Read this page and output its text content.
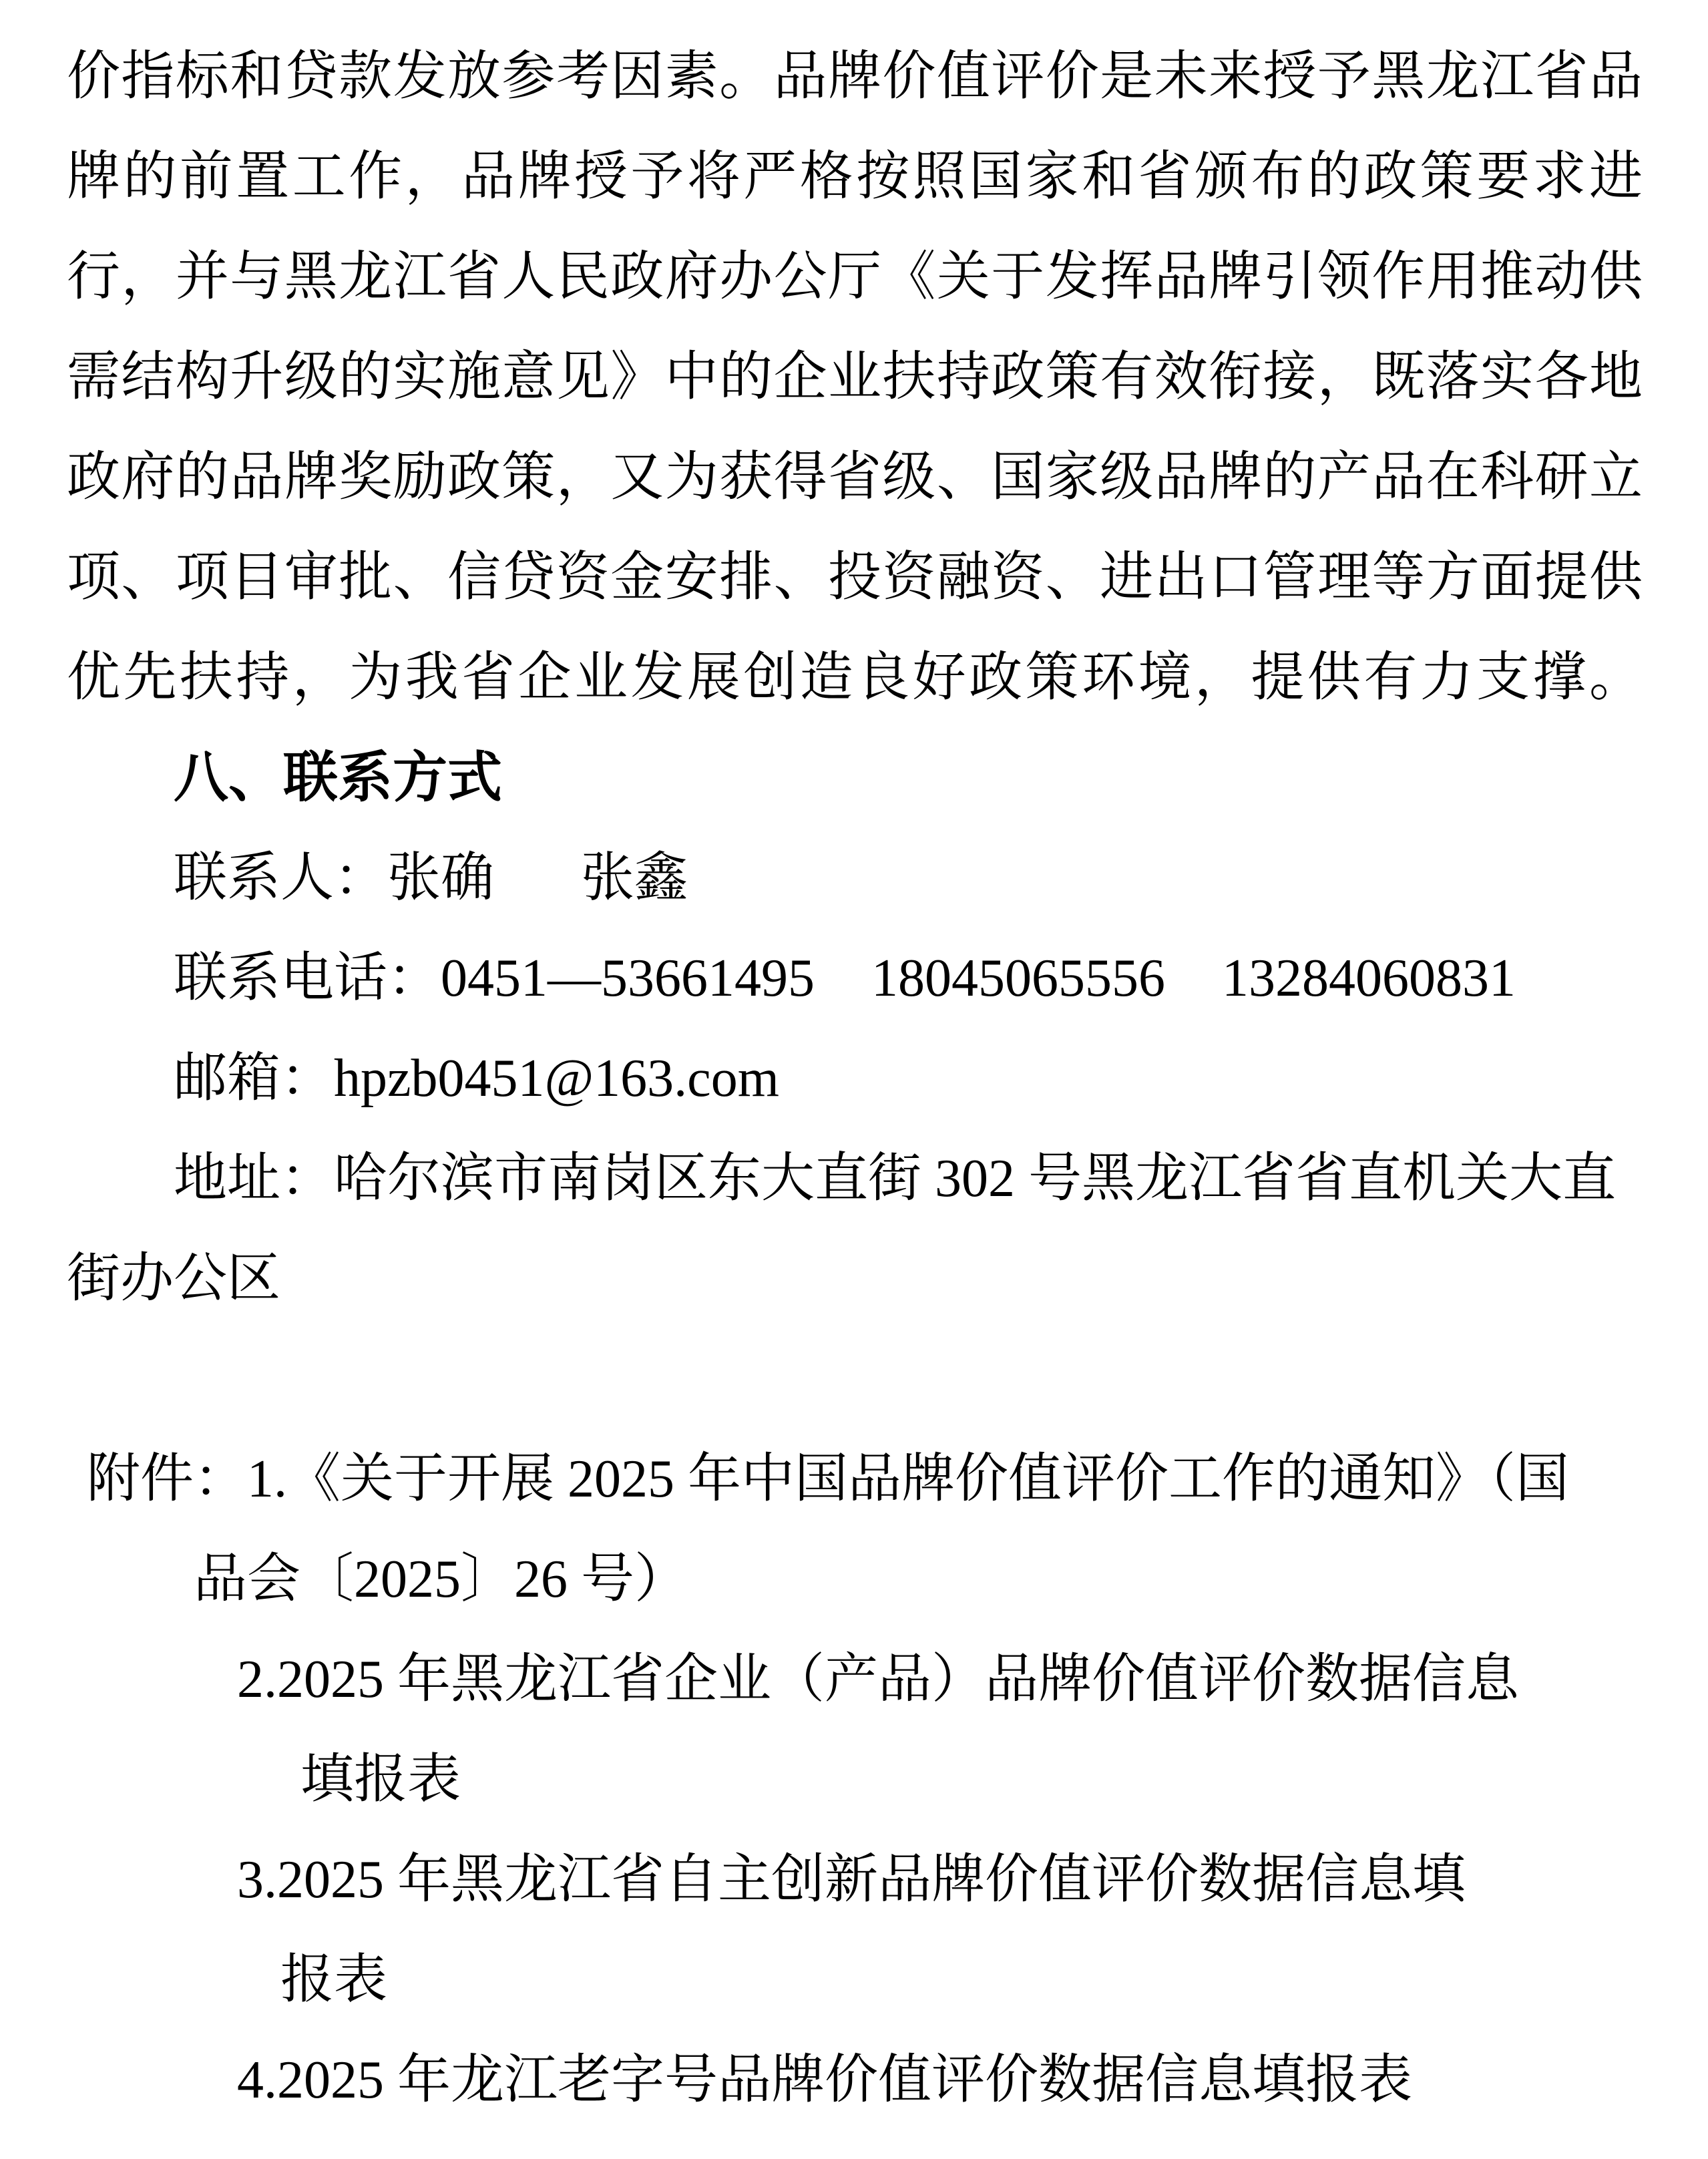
价指标和贷款发放参考因素。品牌价值评价是未来授予黑龙江省品
牌的前置工作，品牌授予将严格按照国家和省颁布的政策要求进
行，并与黑龙江省人民政府办公厅《关于发挥品牌引领作用推动供
需结构升级的实施意见》中的企业扶持政策有效衔接，既落实各地
政府的品牌奖励政策，又为获得省级、国家级品牌的产品在科研立
项、项目审批、信贷资金安排、投资融资、进出口管理等方面提供
优先扶持，为我省企业发展创造良好政策环境，提供有力支撑。
八、联系方式
联系人：张确 张鑫
联系电话：0451—53661495 18045065556 13284060831
邮箱：hpzb0451@163.com
地址：哈尔滨市南岗区东大直街 302 号黑龙江省省直机关大直
街办公区
附件：1.《关于开展 2025 年中国品牌价值评价工作的通知》（国
品会〔2025〕26 号）
2.2025 年黑龙江省企业（产品）品牌价值评价数据信息
填报表
3.2025 年黑龙江省自主创新品牌价值评价数据信息填
报表
4.2025 年龙江老字号品牌价值评价数据信息填报表
